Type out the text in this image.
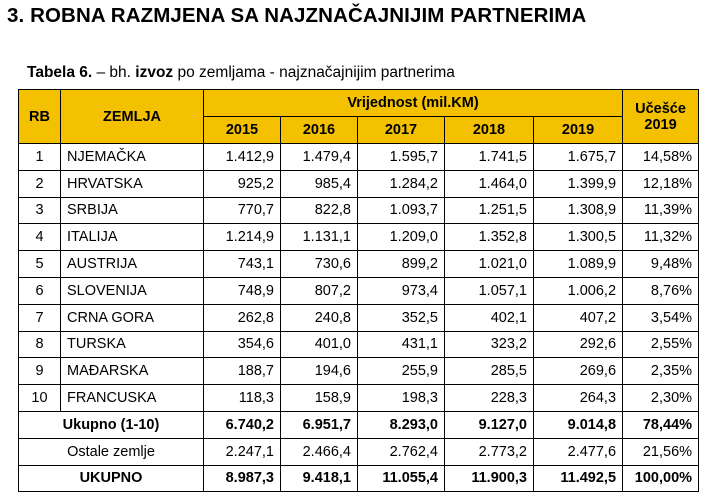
3. ROBNA RAZMJENA SA NAJZNAČAJNIJIM PARTNERIMA
Tabela 6. – bh. izvoz po zemljama - najznačajnijim partnerima
RB	ZEMLJA	Vrijednost (mil.KM)					Učešće
2019
		2015	2016	2017	2018	2019	
1	NJEMAČKA	1.412,9	1.479,4	1.595,7	1.741,5	1.675,7	14,58%
2	HRVATSKA	925,2	985,4	1.284,2	1.464,0	1.399,9	12,18%
3	SRBIJA	770,7	822,8	1.093,7	1.251,5	1.308,9	11,39%
4	ITALIJA	1.214,9	1.131,1	1.209,0	1.352,8	1.300,5	11,32%
5	AUSTRIJA	743,1	730,6	899,2	1.021,0	1.089,9	9,48%
6	SLOVENIJA	748,9	807,2	973,4	1.057,1	1.006,2	8,76%
7	CRNA GORA	262,8	240,8	352,5	402,1	407,2	3,54%
8	TURSKA	354,6	401,0	431,1	323,2	292,6	2,55%
9	MAĐARSKA	188,7	194,6	255,9	285,5	269,6	2,35%
10	FRANCUSKA	118,3	158,9	198,3	228,3	264,3	2,30%
Ukupno (1-10)		6.740,2	6.951,7	8.293,0	9.127,0	9.014,8	78,44%
Ostale zemlje		2.247,1	2.466,4	2.762,4	2.773,2	2.477,6	21,56%
UKUPNO		8.987,3	9.418,1	11.055,4	11.900,3	11.492,5	100,00%
